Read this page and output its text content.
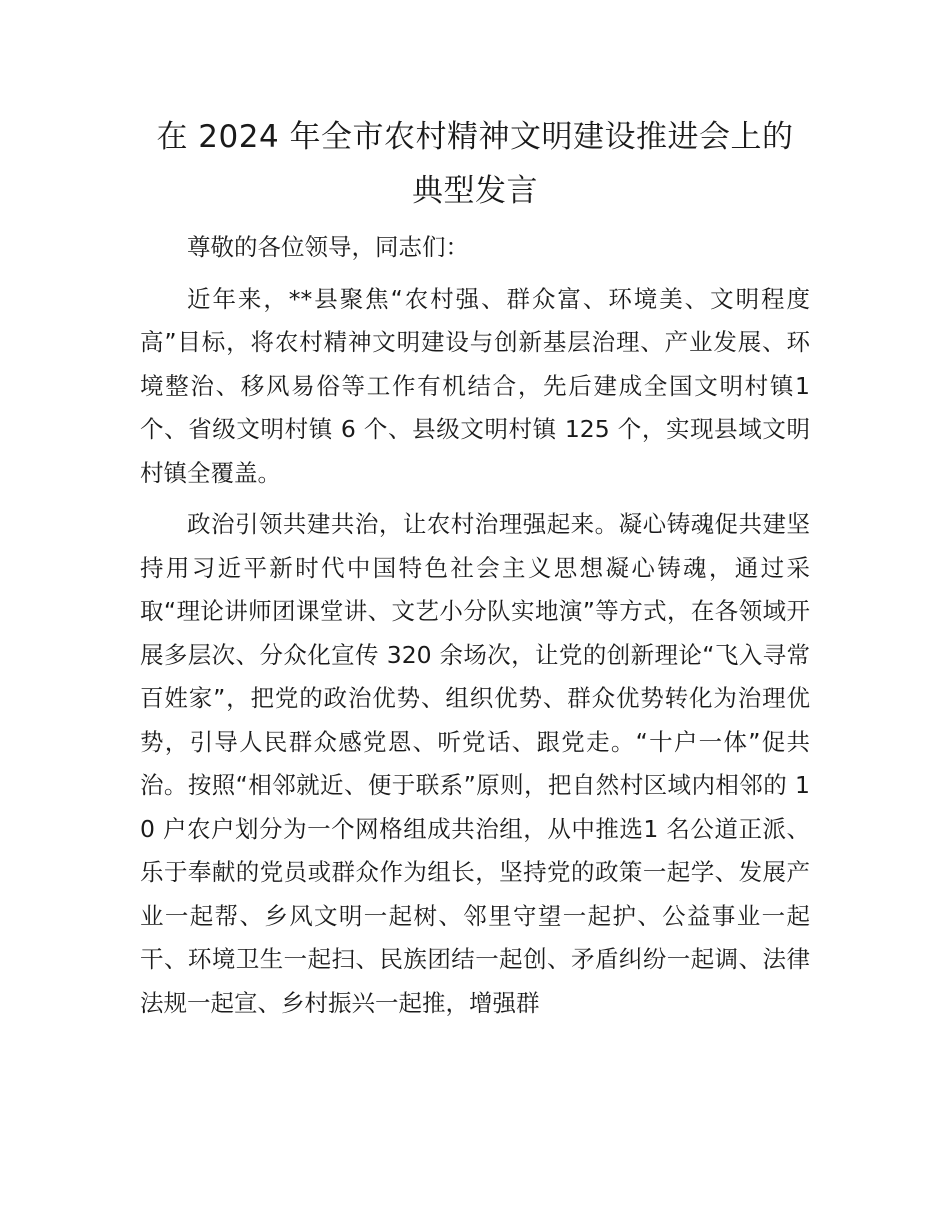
在 2024 年全市农村精神文明建设推进会上的
典型发言

尊敬的各位领导，同志们：

近年来，**县聚焦“农村强、群众富、环境美、文明程度高”目标，将农村精神文明建设与创新基层治理、产业发展、环境整治、移风易俗等工作有机结合，先后建成全国文明村镇1 个、省级文明村镇 6 个、县级文明村镇 125 个，实现县域文明村镇全覆盖。

政治引领共建共治，让农村治理强起来。凝心铸魂促共建坚持用习近平新时代中国特色社会主义思想凝心铸魂，通过采取“理论讲师团课堂讲、文艺小分队实地演”等方式，在各领域开展多层次、分众化宣传 320 余场次，让党的创新理论“飞入寻常百姓家”，把党的政治优势、组织优势、群众优势转化为治理优势，引导人民群众感党恩、听党话、跟党走。“十户一体”促共治。按照“相邻就近、便于联系”原则，把自然村区域内相邻的 10 户农户划分为一个网格组成共治组，从中推选1 名公道正派、乐于奉献的党员或群众作为组长，坚持党的政策一起学、发展产业一起帮、乡风文明一起树、邻里守望一起护、公益事业一起干、环境卫生一起扫、民族团结一起创、矛盾纠纷一起调、法律法规一起宣、乡村振兴一起推，增强群
